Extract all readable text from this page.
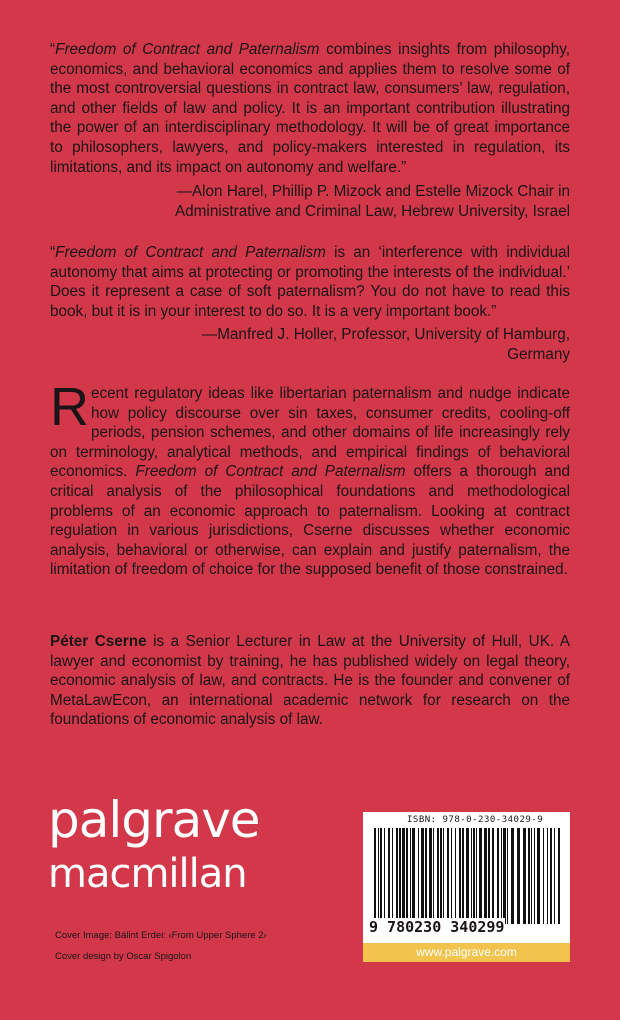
“Freedom of Contract and Paternalism combines insights from philosophy, economics, and behavioral economics and applies them to resolve some of the most controversial questions in contract law, consumers’ law, regulation, and other fields of law and policy. It is an important contribution illustrating the power of an interdisciplinary methodology. It will be of great importance to philosophers, lawyers, and policy-makers interested in regulation, its limitations, and its impact on autonomy and welfare.”

—Alon Harel, Phillip P. Mizock and Estelle Mizock Chair in Administrative and Criminal Law, Hebrew University, Israel

“Freedom of Contract and Paternalism is an ‘interference with individual autonomy that aims at protecting or promoting the interests of the individual.’ Does it represent a case of soft paternalism? You do not have to read this book, but it is in your interest to do so. It is a very important book.”

—Manfred J. Holler, Professor, University of Hamburg, Germany

Recent regulatory ideas like libertarian paternalism and nudge indicate how policy discourse over sin taxes, consumer credits, cooling-off periods, pension schemes, and other domains of life increasingly rely on terminology, analytical methods, and empirical findings of behavioral economics. Freedom of Contract and Paternalism offers a thorough and critical analysis of the philosophical foundations and methodological problems of an economic approach to paternalism. Looking at contract regulation in various jurisdictions, Cserne discusses whether economic analysis, behavioral or otherwise, can explain and justify paternalism, the limitation of freedom of choice for the supposed benefit of those constrained.

Péter Cserne is a Senior Lecturer in Law at the University of Hull, UK. A lawyer and economist by training, he has published widely on legal theory, economic analysis of law, and contracts. He is the founder and convener of MetaLawEcon, an international academic network for research on the foundations of economic analysis of law.

palgrave
macmillan
Cover Image: Bálint Erdei: ‹From Upper Sphere 2›
Cover design by Oscar Spigolon
ISBN: 978-0-230-34029-9
9 780230 340299
www.palgrave.com
